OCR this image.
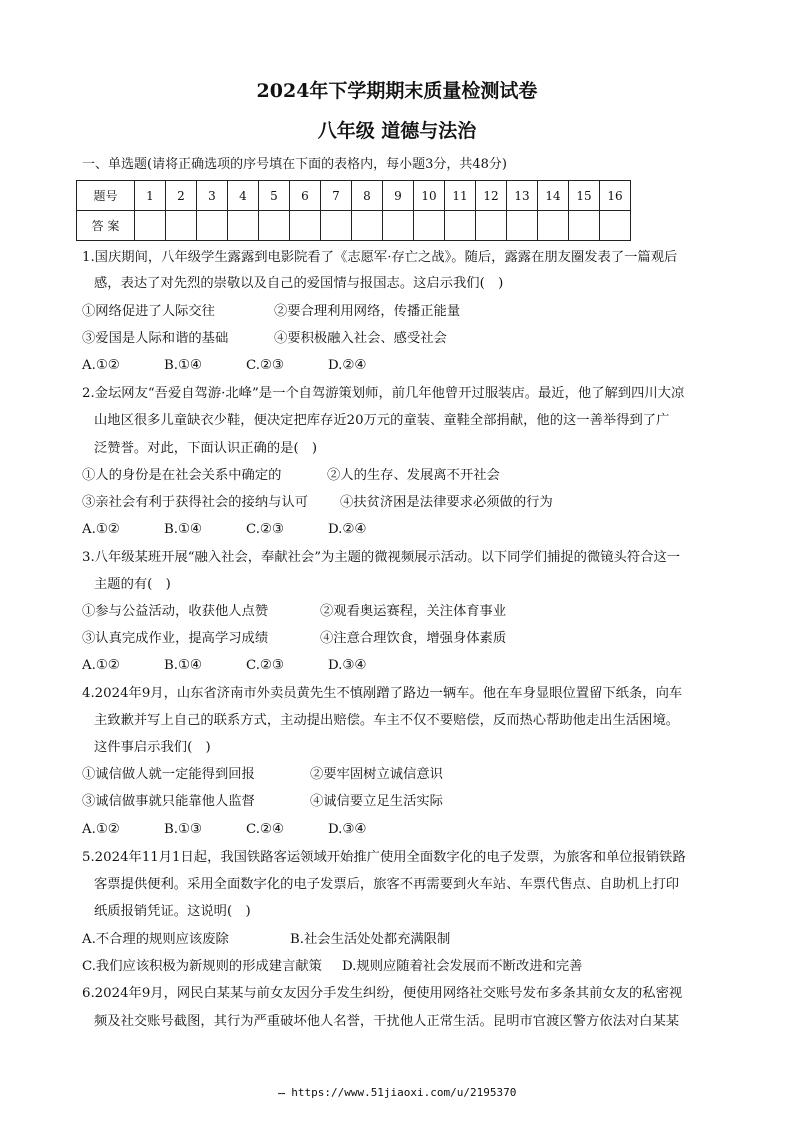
2024年下学期期末质量检测试卷
八年级 道德与法治
一、单选题(请将正确选项的序号填在下面的表格内，每小题3分，共48分)
题号	1	2	3	4	5	6	7	8	9	10	11	12	13	14	15	16
答 案																
1.国庆期间，八年级学生露露到电影院看了《志愿军·存亡之战》。随后，露露在朋友圈发表了一篇观后
感，表达了对先烈的崇敬以及自己的爱国情与报国志。这启示我们(　)
①网络促进了人际交往	②要合理利用网络，传播正能量
③爱国是人际和谐的基础	④要积极融入社会、感受社会
A.①②	B.①④	C.②③	D.②④
2.金坛网友“吾爱自驾游·北峰”是一个自驾游策划师，前几年他曾开过服装店。最近，他了解到四川大凉
山地区很多儿童缺衣少鞋，便决定把库存近20万元的童装、童鞋全部捐献，他的这一善举得到了广
泛赞誉。对此，下面认识正确的是(　)
①人的身份是在社会关系中确定的	②人的生存、发展离不开社会
③亲社会有利于获得社会的接纳与认可 ④扶贫济困是法律要求必须做的行为
A.①②	B.①④	C.②③	D.②④
3.八年级某班开展“融入社会，奉献社会”为主题的微视频展示活动。以下同学们捕捉的微镜头符合这一
主题的有(　)
①参与公益活动，收获他人点赞	②观看奥运赛程，关注体育事业
③认真完成作业，提高学习成绩	④注意合理饮食，增强身体素质
A.①②	B.①④	C.②③	D.③④
4.2024年9月，山东省济南市外卖员黄先生不慎剐蹭了路边一辆车。他在车身显眼位置留下纸条，向车
主致歉并写上自己的联系方式，主动提出赔偿。车主不仅不要赔偿，反而热心帮助他走出生活困境。
这件事启示我们(　)
①诚信做人就一定能得到回报	②要牢固树立诚信意识
③诚信做事就只能靠他人监督	④诚信要立足生活实际
A.①②	B.①③	C.②④	D.③④
5.2024年11月1日起，我国铁路客运领域开始推广使用全面数字化的电子发票，为旅客和单位报销铁路
客票提供便利。采用全面数字化的电子发票后，旅客不再需要到火车站、车票代售点、自助机上打印
纸质报销凭证。这说明(　)
A.不合理的规则应该废除	B.社会生活处处都充满限制
C.我们应该积极为新规则的形成建言献策 D.规则应随着社会发展而不断改进和完善
6.2024年9月，网民白某某与前女友因分手发生纠纷，便使用网络社交账号发布多条其前女友的私密视
频及社交账号截图，其行为严重破坏他人名誉，干扰他人正常生活。昆明市官渡区警方依法对白某某
ꞏꞏꞏꞏꞏꞏ https://www.51jiaoxi.com/u/2195370
